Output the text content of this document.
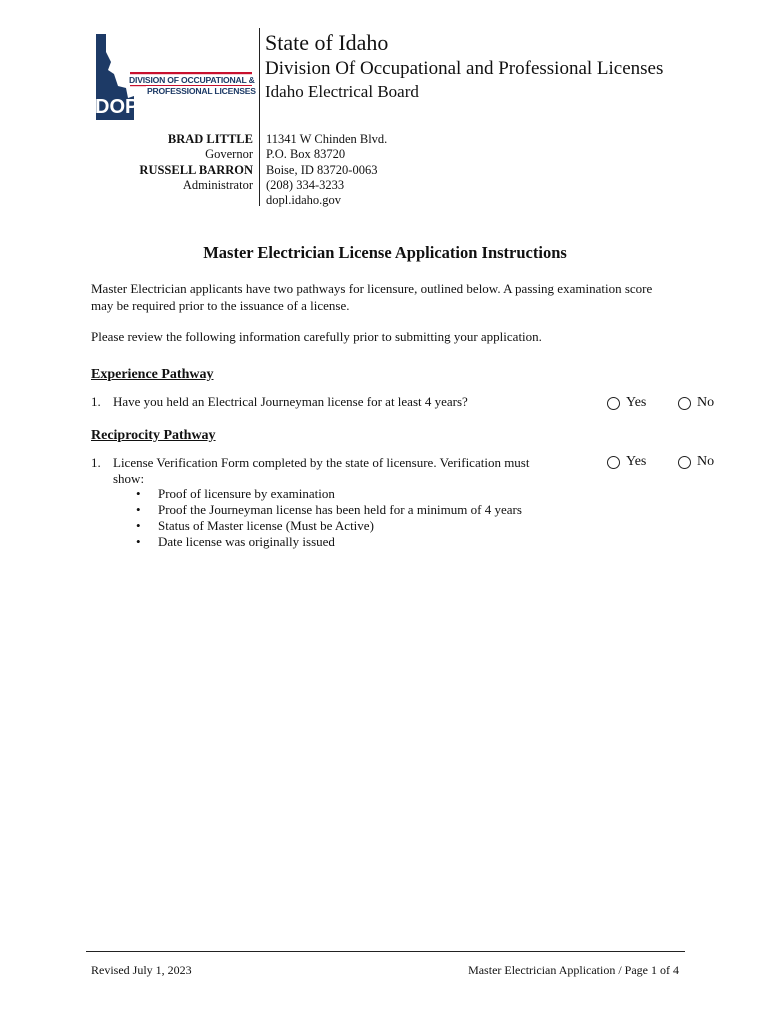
DIVISION OF OCCUPATIONAL &
PROFESSIONAL LICENSES
DOPL
State of Idaho
Division Of Occupational and Professional Licenses
Idaho Electrical Board
BRAD LITTLE
Governor
RUSSELL BARRON
Administrator
11341 W Chinden Blvd.
P.O. Box 83720
Boise, ID 83720-0063
(208) 334-3233
dopl.idaho.gov
Master Electrician License Application Instructions
Master Electrician applicants have two pathways for licensure, outlined below. A passing examination score
may be required prior to the issuance of a license.
Please review the following information carefully prior to submitting your application.
Experience Pathway
1. Have you held an Electrical Journeyman license for at least 4 years?	Yes	No
Reciprocity Pathway
1. License Verification Form completed by the state of licensure. Verification must
show:
• Proof of licensure by examination
• Proof the Journeyman license has been held for a minimum of 4 years
• Status of Master license (Must be Active)
• Date license was originally issued
Yes	No
Revised July 1, 2023	Master Electrician Application / Page 1 of 4
